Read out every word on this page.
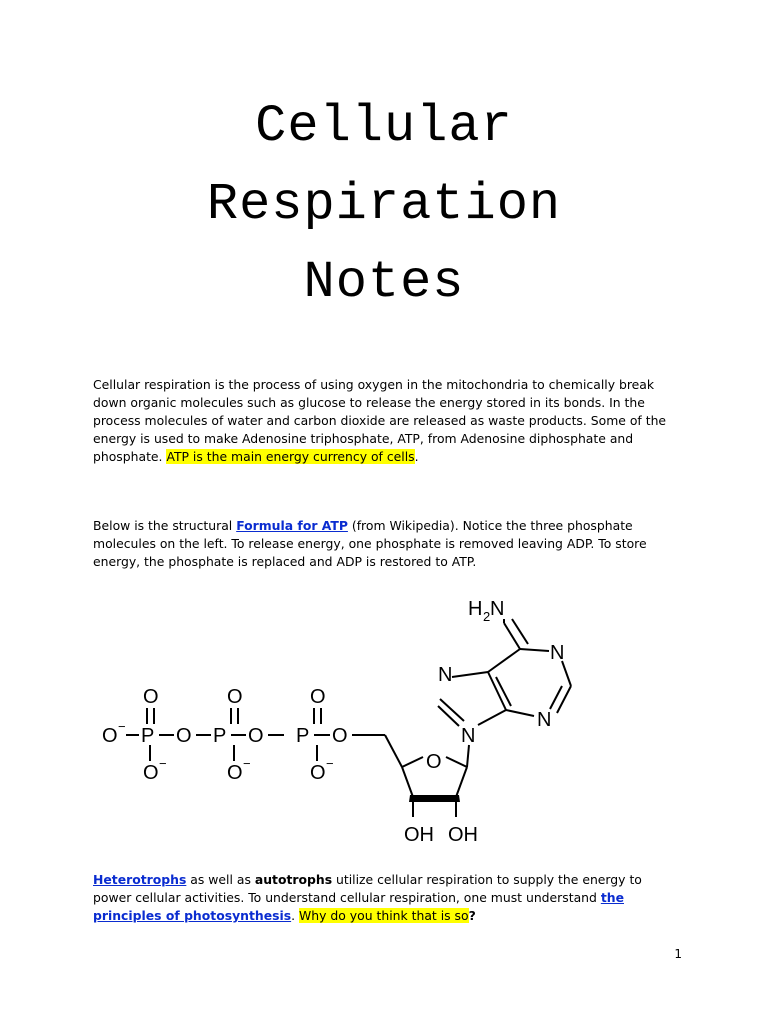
Cellular
Respiration
Notes

Cellular respiration is the process of using oxygen in the mitochondria to chemically break down organic molecules such as glucose to release the energy stored in its bonds. In the process molecules of water and carbon dioxide are released as waste products. Some of the energy is used to make Adenosine triphosphate, ATP, from Adenosine diphosphate and phosphate. ATP is the main energy currency of cells.

Below is the structural Formula for ATP (from Wikipedia). Notice the three phosphate molecules on the left. To release energy, one phosphate is removed leaving ADP. To store energy, the phosphate is replaced and ADP is restored to ATP.

O − P
O
O −
O P
O
O −
O P
O
O −
O
O
OH OH
N
N
N
N
H 2 N

Heterotrophs as well as autotrophs utilize cellular respiration to supply the energy to power cellular activities. To understand cellular respiration, one must understand the principles of photosynthesis. Why do you think that is so?

1
